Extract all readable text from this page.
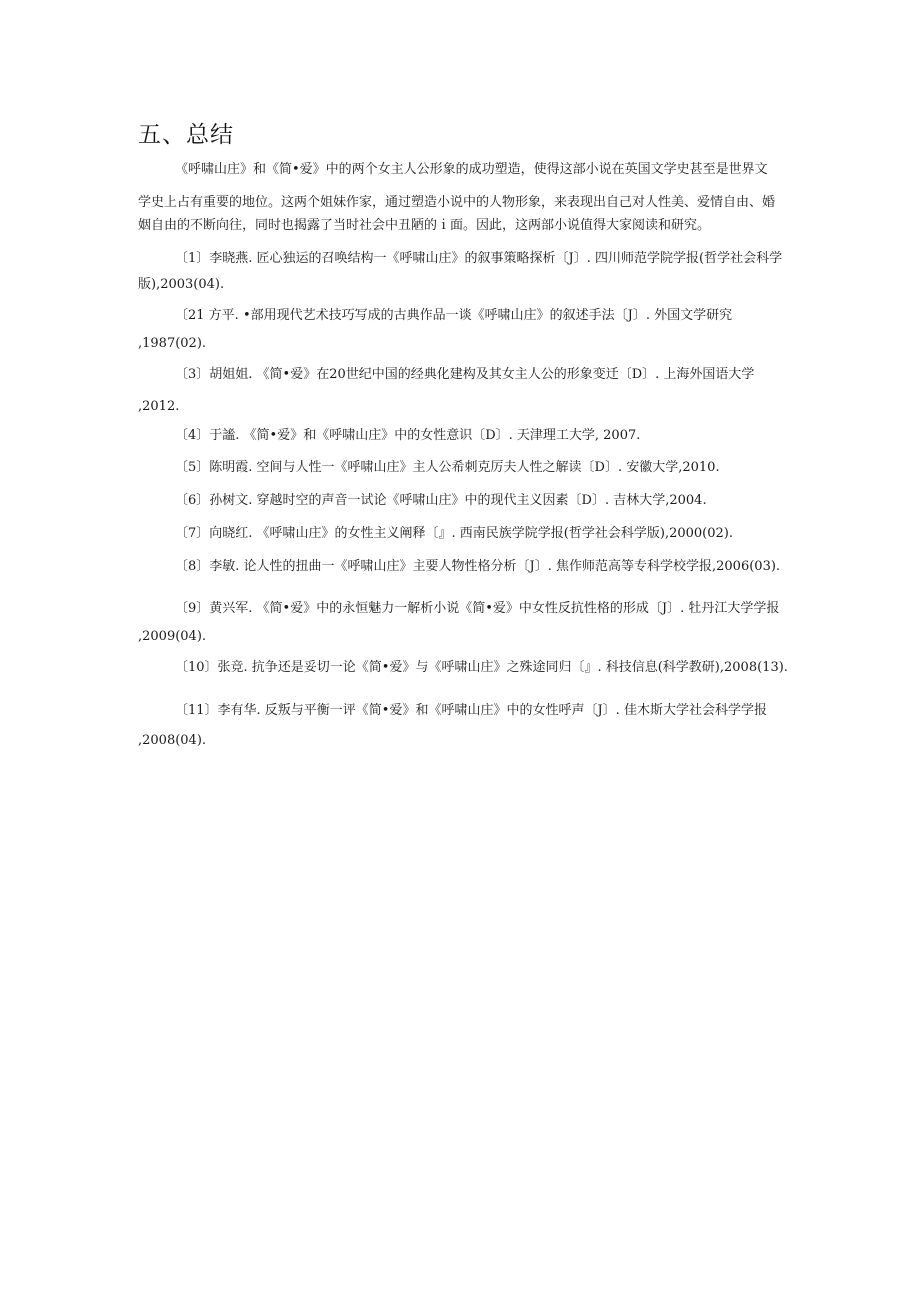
五、总结
《呼啸山庄》和《简•爱》中的两个女主人公形象的成功塑造，使得这部小说在英国文学史甚至是世界文
学史上占有重要的地位。这两个姐妹作家，通过塑造小说中的人物形象，来表现出自己对人性美、爱情自由、婚
姻自由的不断向往，同时也揭露了当时社会中丑陋的ｉ面。因此，这两部小说值得大家阅读和研究。
〔1〕李晓燕. 匠心独运的召唤结构一《呼啸山庄》的叙事策略探析〔J〕. 四川师范学院学报(哲学社会科学
版),2003(04).
〔21 方平. •部用现代艺术技巧写成的古典作品一谈《呼啸山庄》的叙述手法〔J〕. 外国文学研究
,1987(02).
〔3〕胡姐姐. 《简•爱》在20世纪中国的经典化建构及其女主人公的形象变迁〔D〕. 上海外国语大学
,2012.
〔4〕于謐. 《简•爱》和《呼啸山庄》中的女性意识〔D〕. 天津理工大学, 2007.
〔5〕陈明霞. 空间与人性一《呼啸山庄》主人公希刺克厉夫人性之解读〔D〕. 安徽大学,2010.
〔6〕孙树文. 穿越时空的声音一试论《呼啸山庄》中的现代主义因素〔D〕. 吉林大学,2004.
〔7〕向晓红. 《呼啸山庄》的女性主义阐释〔』. 西南民族学院学报(哲学社会科学版),2000(02).
〔8〕李敏. 论人性的扭曲一《呼啸山庄》主要人物性格分析〔J〕. 焦作师范高等专科学校学报,2006(03).
〔9〕黄兴军. 《简•爱》中的永恒魅力一解析小说《简•爱》中女性反抗性格的形成〔J〕. 牡丹江大学学报
,2009(04).
〔10〕张竞. 抗争还是妥切一论《简•爱》与《呼啸山庄》之殊途同归〔』. 科技信息(科学教研),2008(13).
〔11〕李有华. 反叛与平衡一评《简•爱》和《呼啸山庄》中的女性呼声〔J〕. 佳木斯大学社会科学学报
,2008(04).
